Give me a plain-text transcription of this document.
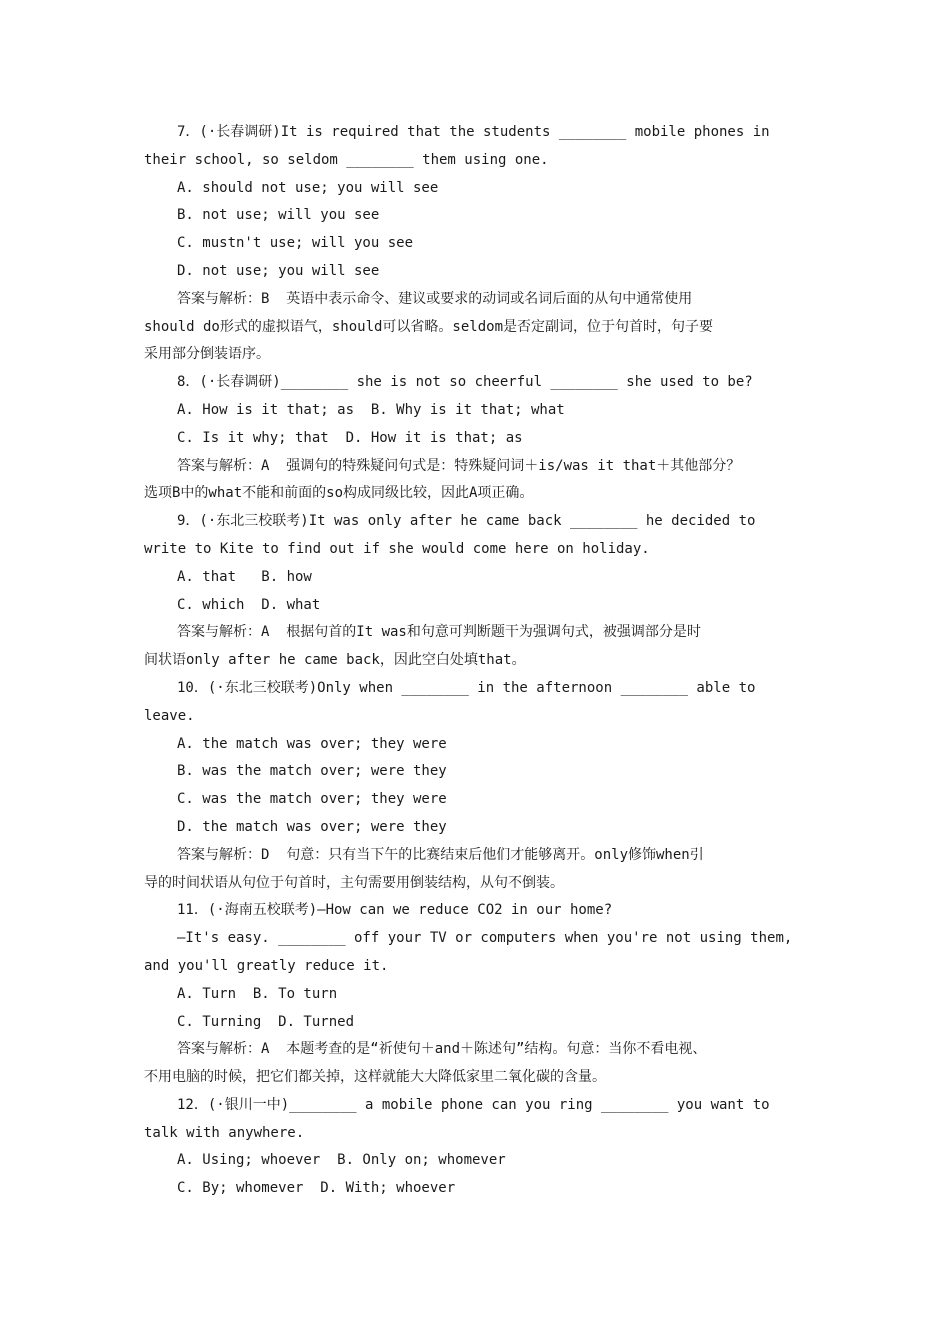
7．(·长春调研)It is required that the students ________ mobile phones in
their school, so seldom ________ them using one.
A. should not use; you will see
B. not use; will you see
C. mustn't use; will you see
D. not use; you will see
答案与解析：B  英语中表示命令、建议或要求的动词或名词后面的从句中通常使用
should do形式的虚拟语气，should可以省略。seldom是否定副词，位于句首时，句子要
采用部分倒装语序。
8．(·长春调研)________ she is not so cheerful ________ she used to be?
A. How is it that; as  B. Why is it that; what
C. Is it why; that  D. How it is that; as
答案与解析：A  强调句的特殊疑问句式是：特殊疑问词＋is/was it that＋其他部分？
选项B中的what不能和前面的so构成同级比较，因此A项正确。
9．(·东北三校联考)It was only after he came back ________ he decided to
write to Kite to find out if she would come here on holiday.
A. that   B. how
C. which  D. what
答案与解析：A  根据句首的It was和句意可判断题干为强调句式，被强调部分是时
间状语only after he came back，因此空白处填that。
10．(·东北三校联考)Only when ________ in the afternoon ________ able to
leave.
A. the match was over; they were
B. was the match over; were they
C. was the match over; they were
D. the match was over; were they
答案与解析：D  句意：只有当下午的比赛结束后他们才能够离开。only修饰when引
导的时间状语从句位于句首时，主句需要用倒装结构，从句不倒装。
11．(·海南五校联考)—How can we reduce CO2 in our home?
—It's easy. ________ off your TV or computers when you're not using them,
and you'll greatly reduce it.
A. Turn  B. To turn
C. Turning  D. Turned
答案与解析：A  本题考查的是“祈使句＋and＋陈述句”结构。句意：当你不看电视、
不用电脑的时候，把它们都关掉，这样就能大大降低家里二氧化碳的含量。
12．(·银川一中)________ a mobile phone can you ring ________ you want to
talk with anywhere.
A. Using; whoever  B. Only on; whomever
C. By; whomever  D. With; whoever
